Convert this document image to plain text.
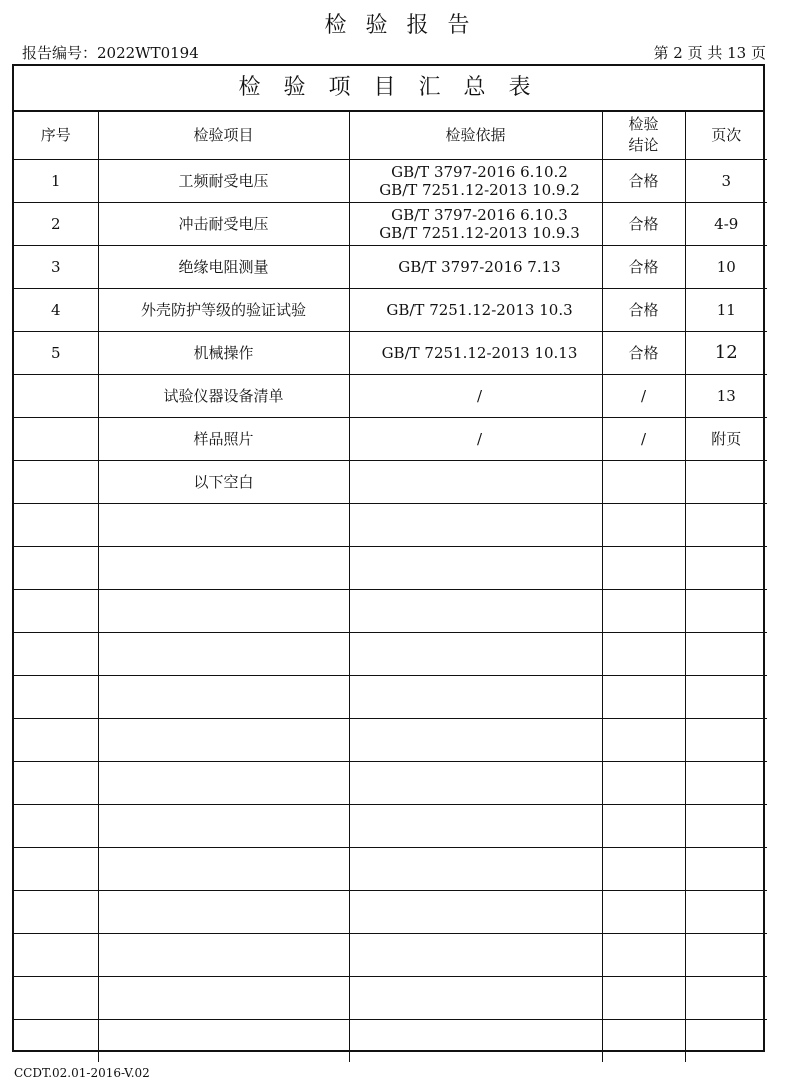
检 验 报 告
报告编号：2022WT0194	第 2 页 共 13 页
检 验 项 目 汇 总 表
序号	检验项目	检验依据	检验结论	页次
1	工频耐受电压	GB/T 3797-2016 6.10.2
GB/T 7251.12-2013 10.9.2	合格	3
2	冲击耐受电压	GB/T 3797-2016 6.10.3
GB/T 7251.12-2013 10.9.3	合格	4-9
3	绝缘电阻测量	GB/T 3797-2016 7.13	合格	10
4	外壳防护等级的验证试验	GB/T 7251.12-2013 10.3	合格	11
5	机械操作	GB/T 7251.12-2013 10.13	合格	12
	试验仪器设备清单	/	/	13
	样品照片	/	/	附页
	以下空白			

CCDT.02.01-2016-V.02
